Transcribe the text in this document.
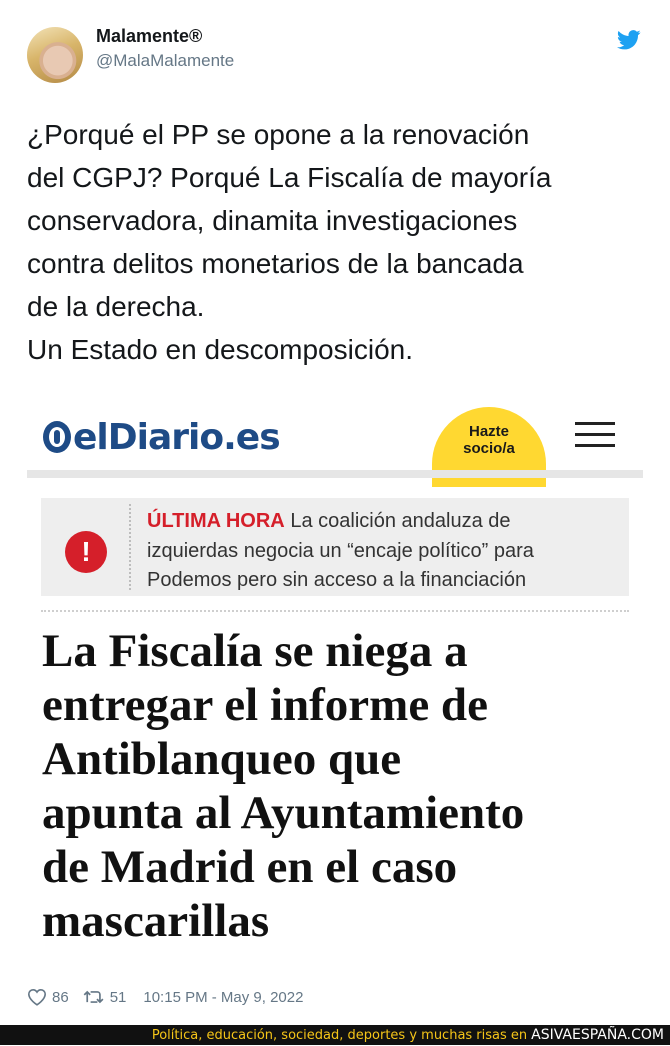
Malamente®
@MalaMalamente
¿Porqué el PP se opone a la renovación
del CGPJ? Porqué La Fiscalía de mayoría
conservadora, dinamita investigaciones
contra delitos monetarios de la bancada
de la derecha.
Un Estado en descomposición.
elDiario.es	Hazte
socio/a
!
ÚLTIMA HORA La coalición andaluza de
izquierdas negocia un “encaje político” para
Podemos pero sin acceso a la financiación
La Fiscalía se niega a
entregar el informe de
Antiblanqueo que
apunta al Ayuntamiento
de Madrid en el caso
mascarillas
86	51 10:15 PM - May 9, 2022
Política, educación, sociedad, deportes y muchas risas en ASIVAESPAÑA.COM
